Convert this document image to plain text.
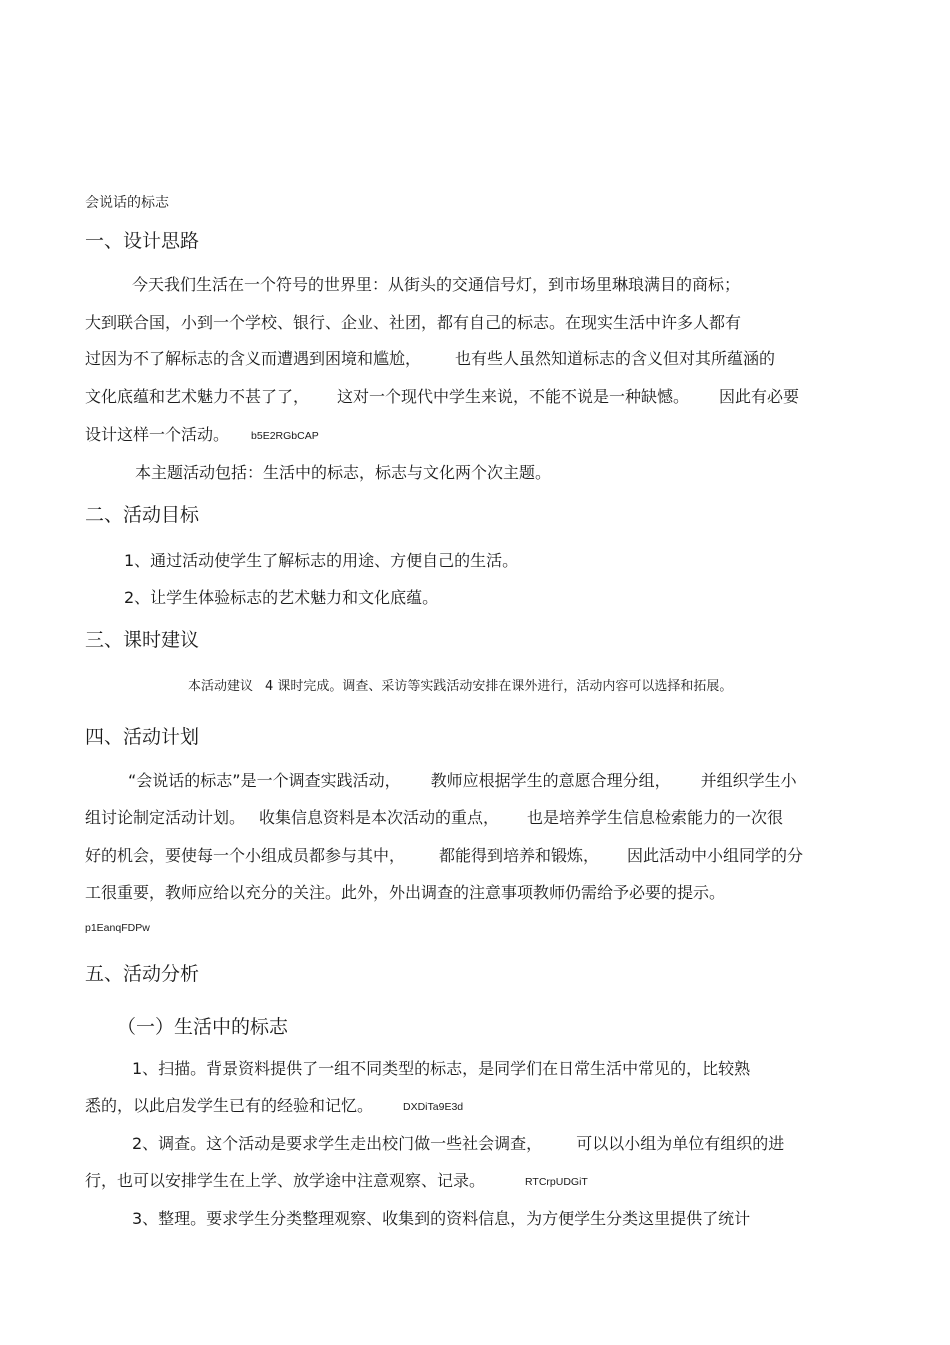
会说话的标志
一、设计思路
今天我们生活在一个符号的世界里：从街头的交通信号灯，到市场里琳琅满目的商标；
大到联合国，小到一个学校、银行、企业、社团，都有自己的标志。在现实生活中许多人都有
过因为不了解标志的含义而遭遇到困境和尴尬， 也有些人虽然知道标志的含义但对其所蕴涵的
文化底蕴和艺术魅力不甚了了， 这对一个现代中学生来说，不能不说是一种缺憾。 因此有必要
设计这样一个活动。 b5E2RGbCAP
本主题活动包括：生活中的标志，标志与文化两个次主题。
二、活动目标
1、通过活动使学生了解标志的用途、方便自己的生活。
2、让学生体验标志的艺术魅力和文化底蕴。
三、课时建议
本活动建议 4 课时完成。调查、采访等实践活动安排在课外进行，活动内容可以选择和拓展。
四、活动计划
“会说话的标志”是一个调查实践活动， 教师应根据学生的意愿合理分组， 并组织学生小
组讨论制定活动计划。 收集信息资料是本次活动的重点， 也是培养学生信息检索能力的一次很
好的机会，要使每一个小组成员都参与其中， 都能得到培养和锻炼， 因此活动中小组同学的分
工很重要，教师应给以充分的关注。此外，外出调查的注意事项教师仍需给予必要的提示。
p1EanqFDPw
五、活动分析
（一）生活中的标志
1、扫描。背景资料提供了一组不同类型的标志，是同学们在日常生活中常见的，比较熟
悉的，以此启发学生已有的经验和记忆。	DXDiTa9E3d
2、调查。这个活动是要求学生走出校门做一些社会调查， 可以以小组为单位有组织的进
行，也可以安排学生在上学、放学途中注意观察、记录。	RTCrpUDGiT
3、整理。要求学生分类整理观察、收集到的资料信息，为方便学生分类这里提供了统计
